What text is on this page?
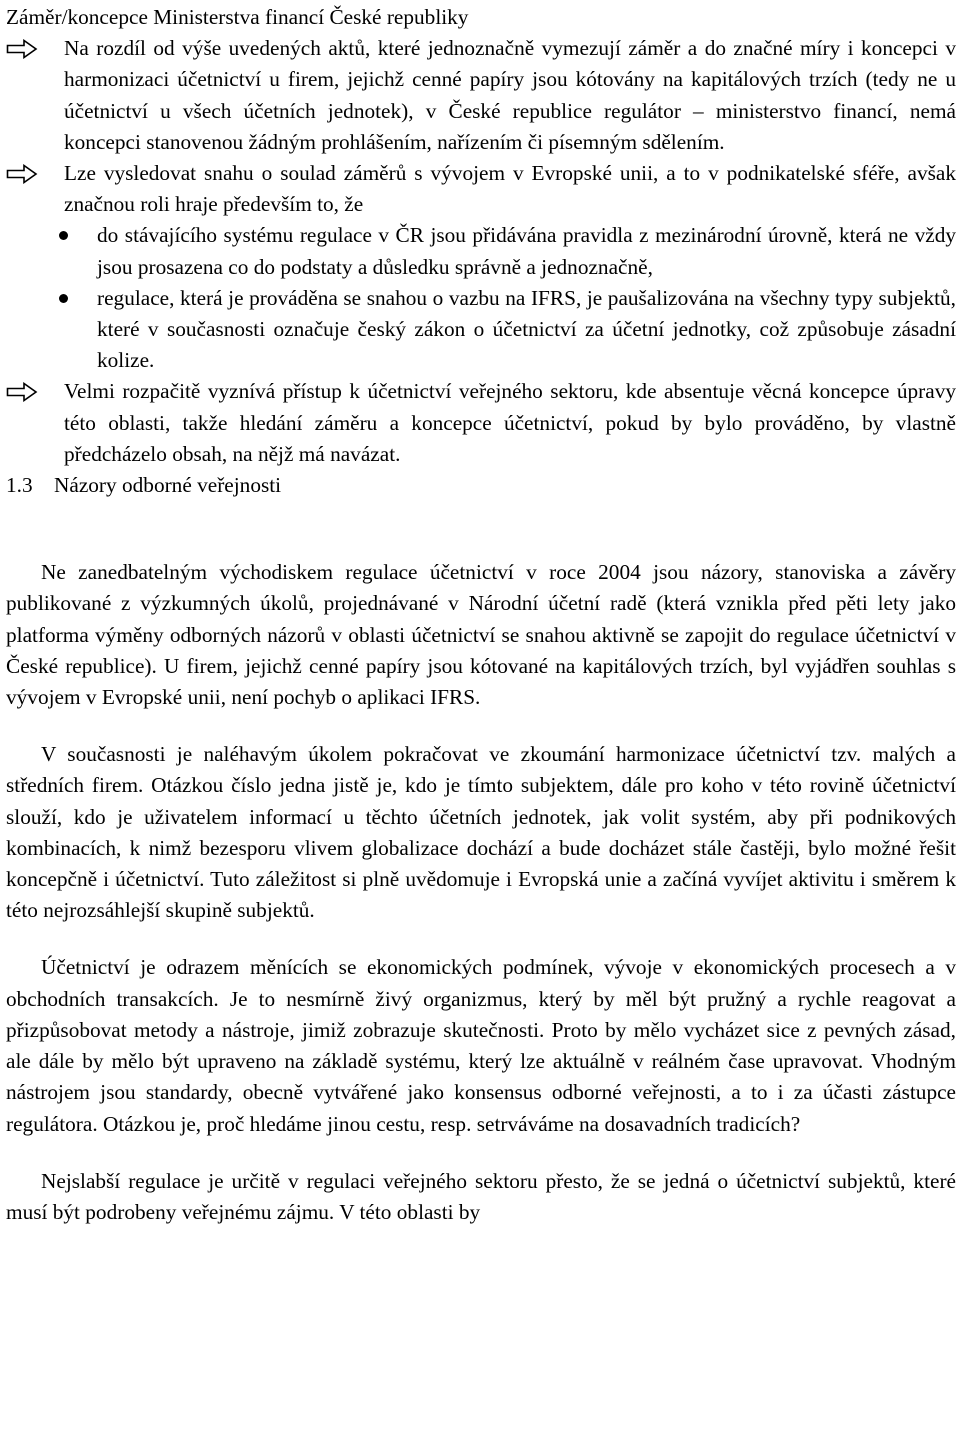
Záměr/koncepce Ministerstva financí České republiky

Na rozdíl od výše uvedených aktů, které jednoznačně vymezují záměr a do značné míry i koncepci v harmonizaci účetnictví u firem, jejichž cenné papíry jsou kótovány na kapitálových trzích (tedy ne u účetnictví u všech účetních jednotek), v České republice regulátor – ministerstvo financí, nemá koncepci stanovenou žádným prohlášením, nařízením či písemným sdělením.
Lze vysledovat snahu o soulad záměrů s vývojem v Evropské unii, a to v podnikatelské sféře, avšak značnou roli hraje především to, že
do stávajícího systému regulace v ČR jsou přidávána pravidla z mezinárodní úrovně, která ne vždy jsou prosazena co do podstaty a důsledku správně a jednoznačně,
regulace, která je prováděna se snahou o vazbu na IFRS, je paušalizována na všechny typy subjektů, které v současnosti označuje český zákon o účetnictví za účetní jednotky, což způsobuje zásadní kolize.
Velmi rozpačitě vyznívá přístup k účetnictví veřejného sektoru, kde absentuje věcná koncepce úpravy této oblasti, takže hledání záměru a koncepce účetnictví, pokud by bylo prováděno, by vlastně předcházelo obsah, na nějž má navázat.

1.3 Názory odborné veřejnosti

Ne zanedbatelným východiskem regulace účetnictví v roce 2004 jsou názory, stanoviska a závěry publikované z výzkumných úkolů, projednávané v Národní účetní radě (která vznikla před pěti lety jako platforma výměny odborných názorů v oblasti účetnictví se snahou aktivně se zapojit do regulace účetnictví v České republice). U firem, jejichž cenné papíry jsou kótované na kapitálových trzích, byl vyjádřen souhlas s vývojem v Evropské unii, není pochyb o aplikaci IFRS.

V současnosti je naléhavým úkolem pokračovat ve zkoumání harmonizace účetnictví tzv. malých a středních firem. Otázkou číslo jedna jistě je, kdo je tímto subjektem, dále pro koho v této rovině účetnictví slouží, kdo je uživatelem informací u těchto účetních jednotek, jak volit systém, aby při podnikových kombinacích, k nimž bezesporu vlivem globalizace dochází a bude docházet stále častěji, bylo možné řešit koncepčně i účetnictví. Tuto záležitost si plně uvědomuje i Evropská unie a začíná vyvíjet aktivitu i směrem k této nejrozsáhlejší skupině subjektů.

Účetnictví je odrazem měnících se ekonomických podmínek, vývoje v ekonomických procesech a v obchodních transakcích. Je to nesmírně živý organizmus, který by měl být pružný a rychle reagovat a přizpůsobovat metody a nástroje, jimiž zobrazuje skutečnosti. Proto by mělo vycházet sice z pevných zásad, ale dále by mělo být upraveno na základě systému, který lze aktuálně v reálném čase upravovat. Vhodným nástrojem jsou standardy, obecně vytvářené jako konsensus odborné veřejnosti, a to i za účasti zástupce regulátora. Otázkou je, proč hledáme jinou cestu, resp. setrváváme na dosavadních tradicích?

Nejslabší regulace je určitě v regulaci veřejného sektoru přesto, že se jedná o účetnictví subjektů, které musí být podrobeny veřejnému zájmu. V této oblasti by
